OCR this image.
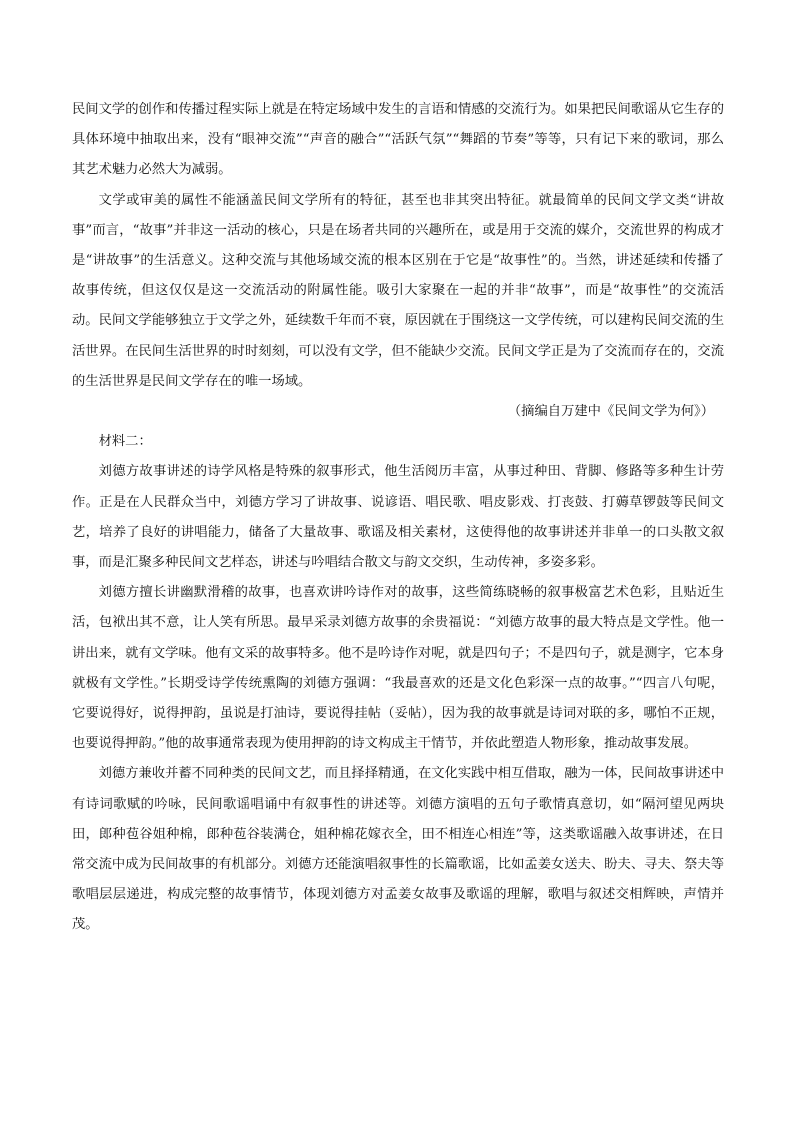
民间文学的创作和传播过程实际上就是在特定场域中发生的言语和情感的交流行为。如果把民间歌谣从它生存的具体环境中抽取出来，没有“眼神交流”“声音的融合”“活跃气氛”“舞蹈的节奏”等等，只有记下来的歌词，那么其艺术魅力必然大为减弱。

文学或审美的属性不能涵盖民间文学所有的特征，甚至也非其突出特征。就最简单的民间文学文类“讲故事”而言，“故事”并非这一活动的核心，只是在场者共同的兴趣所在，或是用于交流的媒介，交流世界的构成才是“讲故事”的生活意义。这种交流与其他场域交流的根本区别在于它是“故事性”的。当然，讲述延续和传播了故事传统，但这仅仅是这一交流活动的附属性能。吸引大家聚在一起的并非“故事”，而是“故事性”的交流活动。民间文学能够独立于文学之外，延续数千年而不衰，原因就在于围绕这一文学传统，可以建构民间交流的生活世界。在民间生活世界的时时刻刻，可以没有文学，但不能缺少交流。民间文学正是为了交流而存在的，交流的生活世界是民间文学存在的唯一场域。

（摘编自万建中《民间文学为何》）

材料二：

刘德方故事讲述的诗学风格是特殊的叙事形式，他生活阅历丰富，从事过种田、背脚、修路等多种生计劳作。正是在人民群众当中，刘德方学习了讲故事、说谚语、唱民歌、唱皮影戏、打丧鼓、打薅草锣鼓等民间文艺，培养了良好的讲唱能力，储备了大量故事、歌谣及相关素材，这使得他的故事讲述并非单一的口头散文叙事，而是汇聚多种民间文艺样态，讲述与吟唱结合散文与韵文交织，生动传神，多姿多彩。

刘德方擅长讲幽默滑稽的故事，也喜欢讲吟诗作对的故事，这些简练晓畅的叙事极富艺术色彩，且贴近生活，包袱出其不意，让人笑有所思。最早采录刘德方故事的余贵福说：“刘德方故事的最大特点是文学性。他一讲出来，就有文学味。他有文采的故事特多。他不是吟诗作对呢，就是四句子；不是四句子，就是测字，它本身就极有文学性。”长期受诗学传统熏陶的刘德方强调：“我最喜欢的还是文化色彩深一点的故事。”“四言八句呢，它要说得好，说得押韵，虽说是打油诗，要说得挂帖（妥帖），因为我的故事就是诗词对联的多，哪怕不正规，也要说得押韵。”他的故事通常表现为使用押韵的诗文构成主干情节，并依此塑造人物形象，推动故事发展。

刘德方兼收并蓄不同种类的民间文艺，而且择择精通，在文化实践中相互借取，融为一体，民间故事讲述中有诗词歌赋的吟咏，民间歌谣唱诵中有叙事性的讲述等。刘德方演唱的五句子歌情真意切，如“隔河望见两块田，郎种苞谷姐种棉，郎种苞谷装满仓，姐种棉花嫁衣全，田不相连心相连”等，这类歌谣融入故事讲述，在日常交流中成为民间故事的有机部分。刘德方还能演唱叙事性的长篇歌谣，比如孟姜女送夫、盼夫、寻夫、祭夫等歌唱层层递进，构成完整的故事情节，体现刘德方对孟姜女故事及歌谣的理解，歌唱与叙述交相辉映，声情并茂。
